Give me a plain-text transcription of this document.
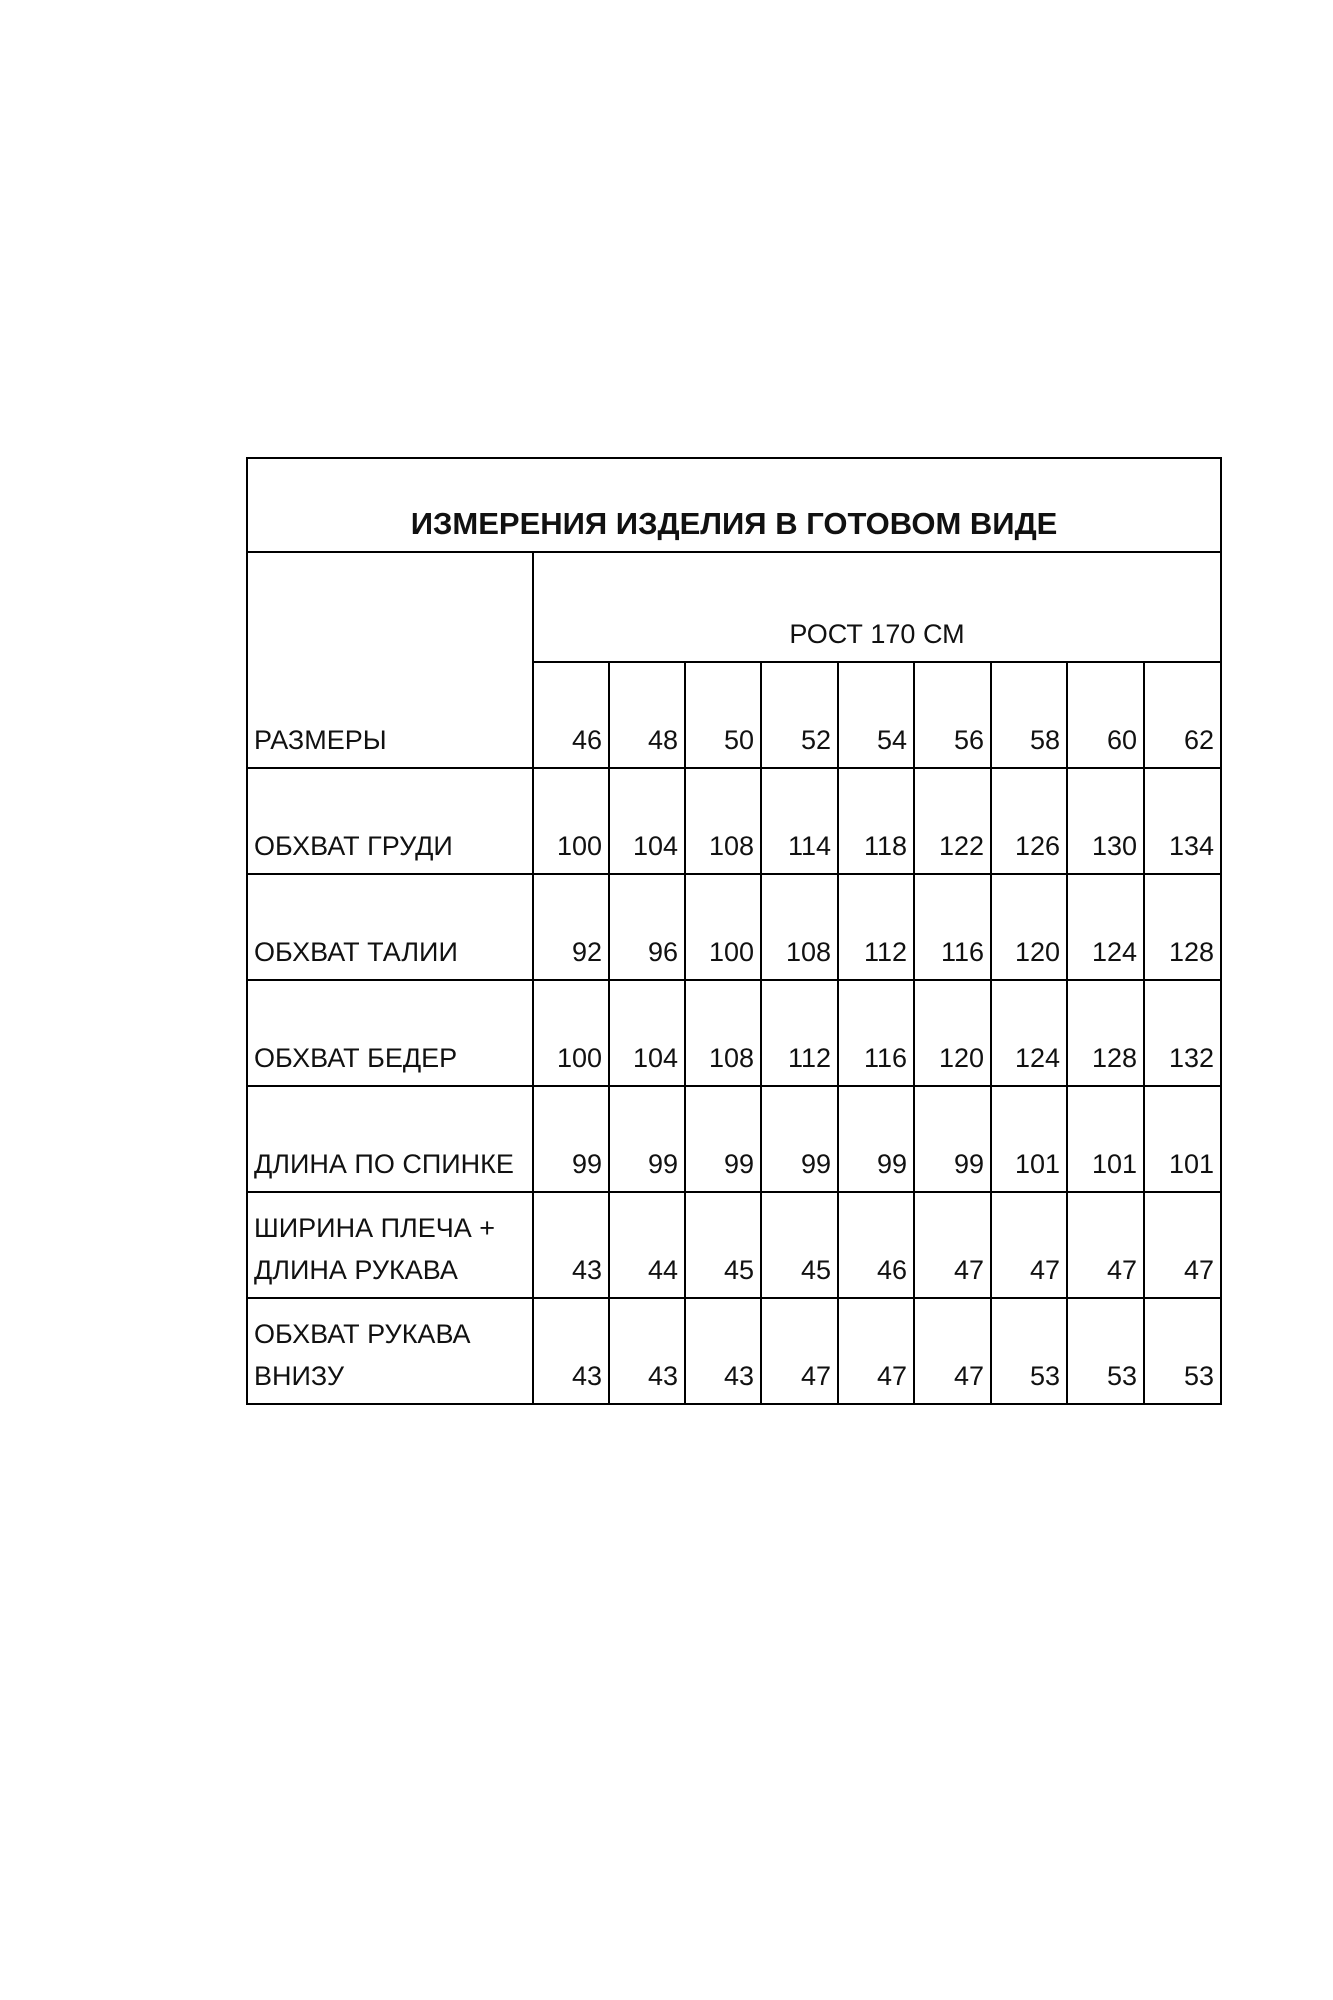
ИЗМЕРЕНИЯ ИЗДЕЛИЯ В ГОТОВОМ ВИДЕ									
РАЗМЕРЫ	РОСТ 170 СМ								
	46	48	50	52	54	56	58	60	62
ОБХВАТ ГРУДИ	100	104	108	114	118	122	126	130	134
ОБХВАТ ТАЛИИ	92	96	100	108	112	116	120	124	128
ОБХВАТ БЕДЕР	100	104	108	112	116	120	124	128	132
ДЛИНА ПО СПИНКЕ	99	99	99	99	99	99	101	101	101

ШИРИНА ПЛЕЧА +
ДЛИНА РУКАВА	43	44	45	45	46	47	47	47	47

ОБХВАТ РУКАВА
ВНИЗУ	43	43	43	47	47	47	53	53	53
